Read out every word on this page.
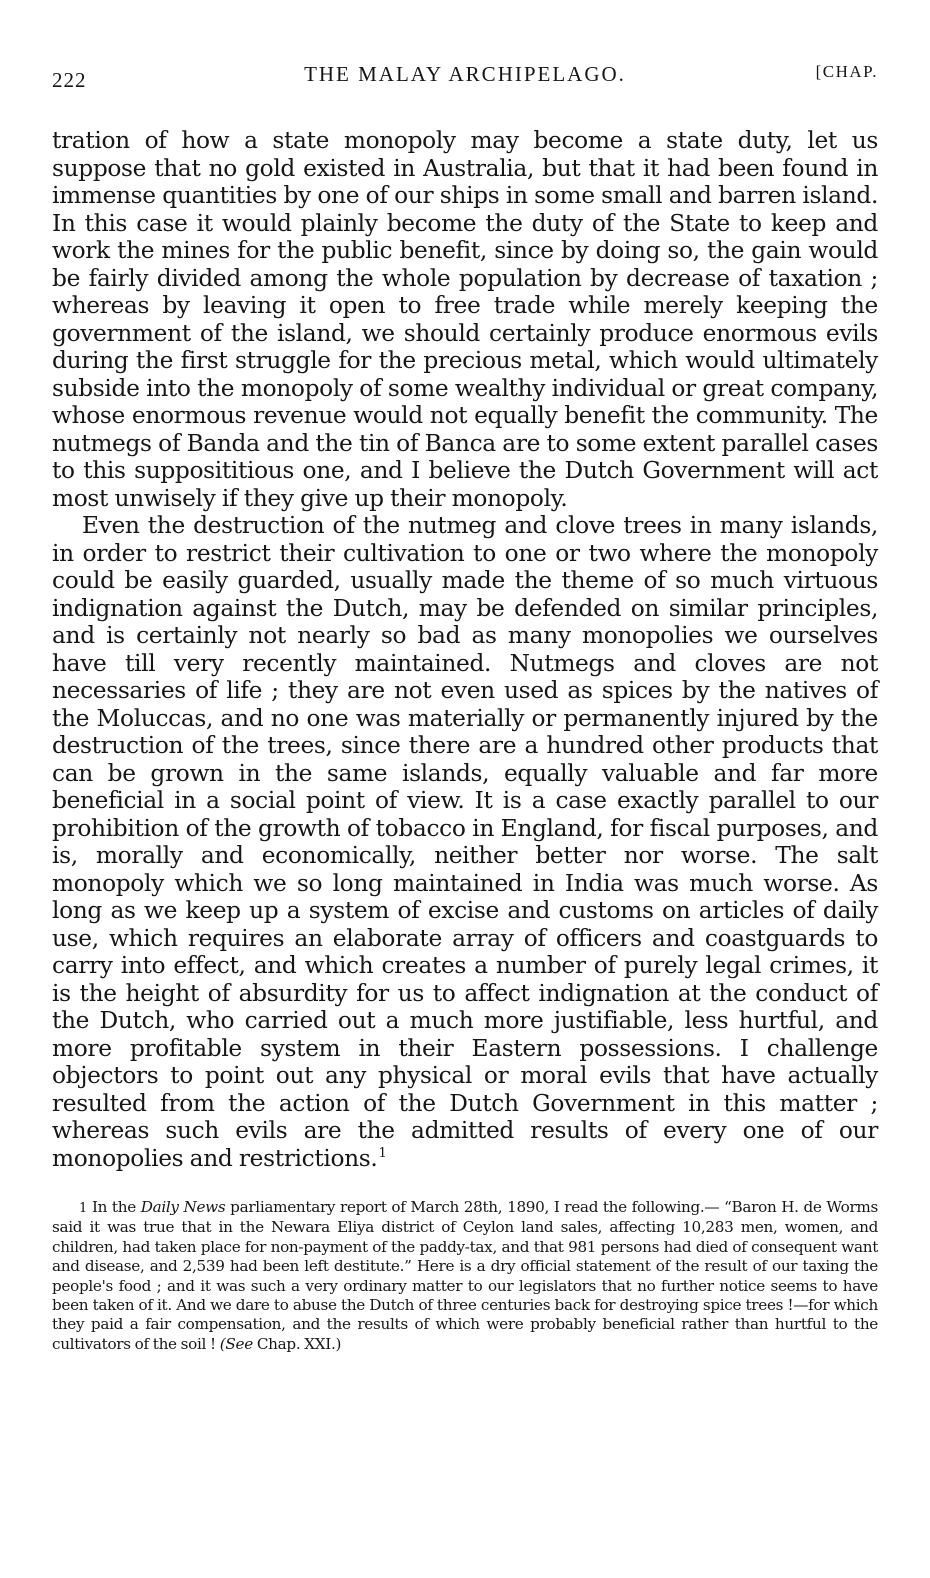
222	THE MALAY ARCHIPELAGO.	[CHAP.

tration of how a state monopoly may become a state duty, let us suppose that no gold existed in Australia, but that it had been found in immense quantities by one of our ships in some small and barren island. In this case it would plainly become the duty of the State to keep and work the mines for the public benefit, since by doing so, the gain would be fairly divided among the whole population by decrease of taxation ; whereas by leaving it open to free trade while merely keeping the government of the island, we should certainly produce enormous evils during the first struggle for the precious metal, which would ultimately subside into the monopoly of some wealthy individual or great company, whose enormous revenue would not equally benefit the community. The nutmegs of Banda and the tin of Banca are to some extent parallel cases to this supposititious one, and I believe the Dutch Government will act most unwisely if they give up their monopoly.

Even the destruction of the nutmeg and clove trees in many islands, in order to restrict their cultivation to one or two where the monopoly could be easily guarded, usually made the theme of so much virtuous indignation against the Dutch, may be defended on similar principles, and is certainly not nearly so bad as many monopolies we ourselves have till very recently maintained. Nutmegs and cloves are not necessaries of life ; they are not even used as spices by the natives of the Moluccas, and no one was materially or permanently injured by the destruction of the trees, since there are a hundred other products that can be grown in the same islands, equally valuable and far more beneficial in a social point of view. It is a case exactly parallel to our prohibition of the growth of tobacco in England, for fiscal purposes, and is, morally and economically, neither better nor worse. The salt monopoly which we so long maintained in India was much worse. As long as we keep up a system of excise and customs on articles of daily use, which requires an elaborate array of officers and coastguards to carry into effect, and which creates a number of purely legal crimes, it is the height of absurdity for us to affect indignation at the conduct of the Dutch, who carried out a much more justifiable, less hurtful, and more profitable system in their Eastern possessions. I challenge objectors to point out any physical or moral evils that have actually resulted from the action of the Dutch Government in this matter ; whereas such evils are the admitted results of every one of our monopolies and restrictions.$^1$

1 In the Daily News parliamentary report of March 28th, 1890, I read the following.— “Baron H. de Worms said it was true that in the Newara Eliya district of Ceylon land sales, affecting 10,283 men, women, and children, had taken place for non-payment of the paddy-tax, and that 981 persons had died of consequent want and disease, and 2,539 had been left destitute.” Here is a dry official statement of the result of our taxing the people's food ; and it was such a very ordinary matter to our legislators that no further notice seems to have been taken of it. And we dare to abuse the Dutch of three centuries back for destroying spice trees !—for which they paid a fair compensation, and the results of which were probably beneficial rather than hurtful to the cultivators of the soil ! (See Chap. XXI.)
